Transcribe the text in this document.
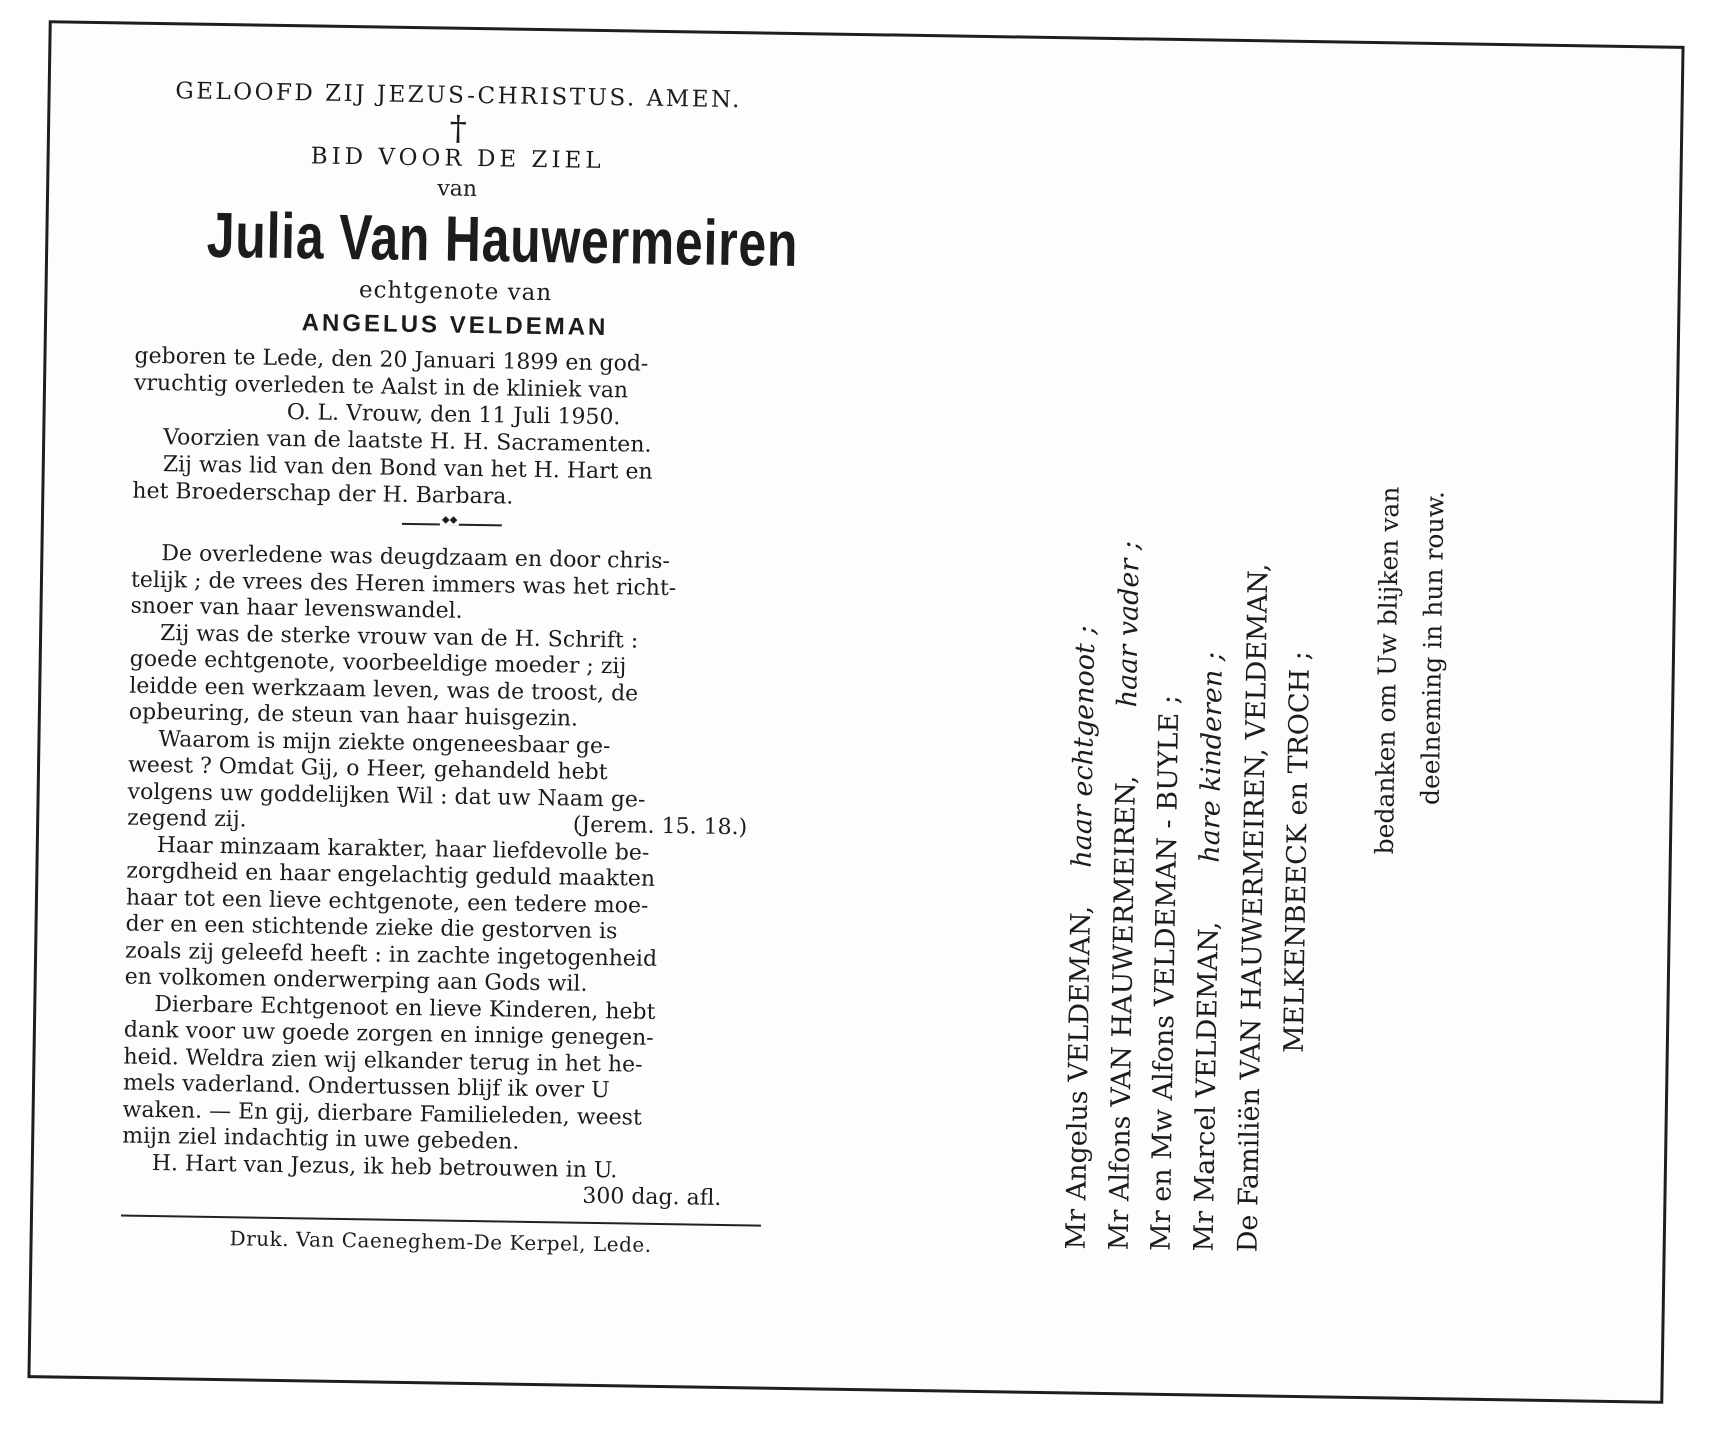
GELOOFD ZIJ JEZUS-CHRISTUS. AMEN.
†
BID VOOR DE ZIEL
van
Julia Van Hauwermeiren
echtgenote van
ANGELUS VELDEMAN
geboren te Lede, den 20 Januari 1899 en god-
vruchtig overleden te Aalst in de kliniek van
O. L. Vrouw, den 11 Juli 1950.
Voorzien van de laatste H. H. Sacramenten.
Zij was lid van den Bond van het H. Hart en
het Broederschap der H. Barbara.
◆◆
De overledene was deugdzaam en door chris-
telijk ; de vrees des Heren immers was het richt-
snoer van haar levenswandel.
Zij was de sterke vrouw van de H. Schrift :
goede echtgenote, voorbeeldige moeder ; zij
leidde een werkzaam leven, was de troost, de
opbeuring, de steun van haar huisgezin.
Waarom is mijn ziekte ongeneesbaar ge-
weest ? Omdat Gij, o Heer, gehandeld hebt
volgens uw goddelijken Wil : dat uw Naam ge-
zegend zij.	(Jerem. 15. 18.)
Haar minzaam karakter, haar liefdevolle be-
zorgdheid en haar engelachtig geduld maakten
haar tot een lieve echtgenote, een tedere moe-
der en een stichtende zieke die gestorven is
zoals zij geleefd heeft : in zachte ingetogenheid
en volkomen onderwerping aan Gods wil.
Dierbare Echtgenoot en lieve Kinderen, hebt
dank voor uw goede zorgen en innige genegen-
heid. Weldra zien wij elkander terug in het he-
mels vaderland. Ondertussen blijf ik over U
waken. — En gij, dierbare Familieleden, weest
mijn ziel indachtig in uwe gebeden.
H. Hart van Jezus, ik heb betrouwen in U.
300 dag. afl.
Druk. Van Caeneghem-De Kerpel, Lede.	Mr Angelus VELDEMAN, haar echtgenoot ;
Mr Alfons VAN HAUWERMEIREN, haar vader ;
Mr en Mw Alfons VELDEMAN - BUYLE ; Mr Marcel VELDEMAN, hare kinderen ; De Familiën VAN HAUWERMEIREN, VELDEMAN, MELKENBEECK en TROCH ; bedanken om Uw blijken van deelneming in hun rouw.
